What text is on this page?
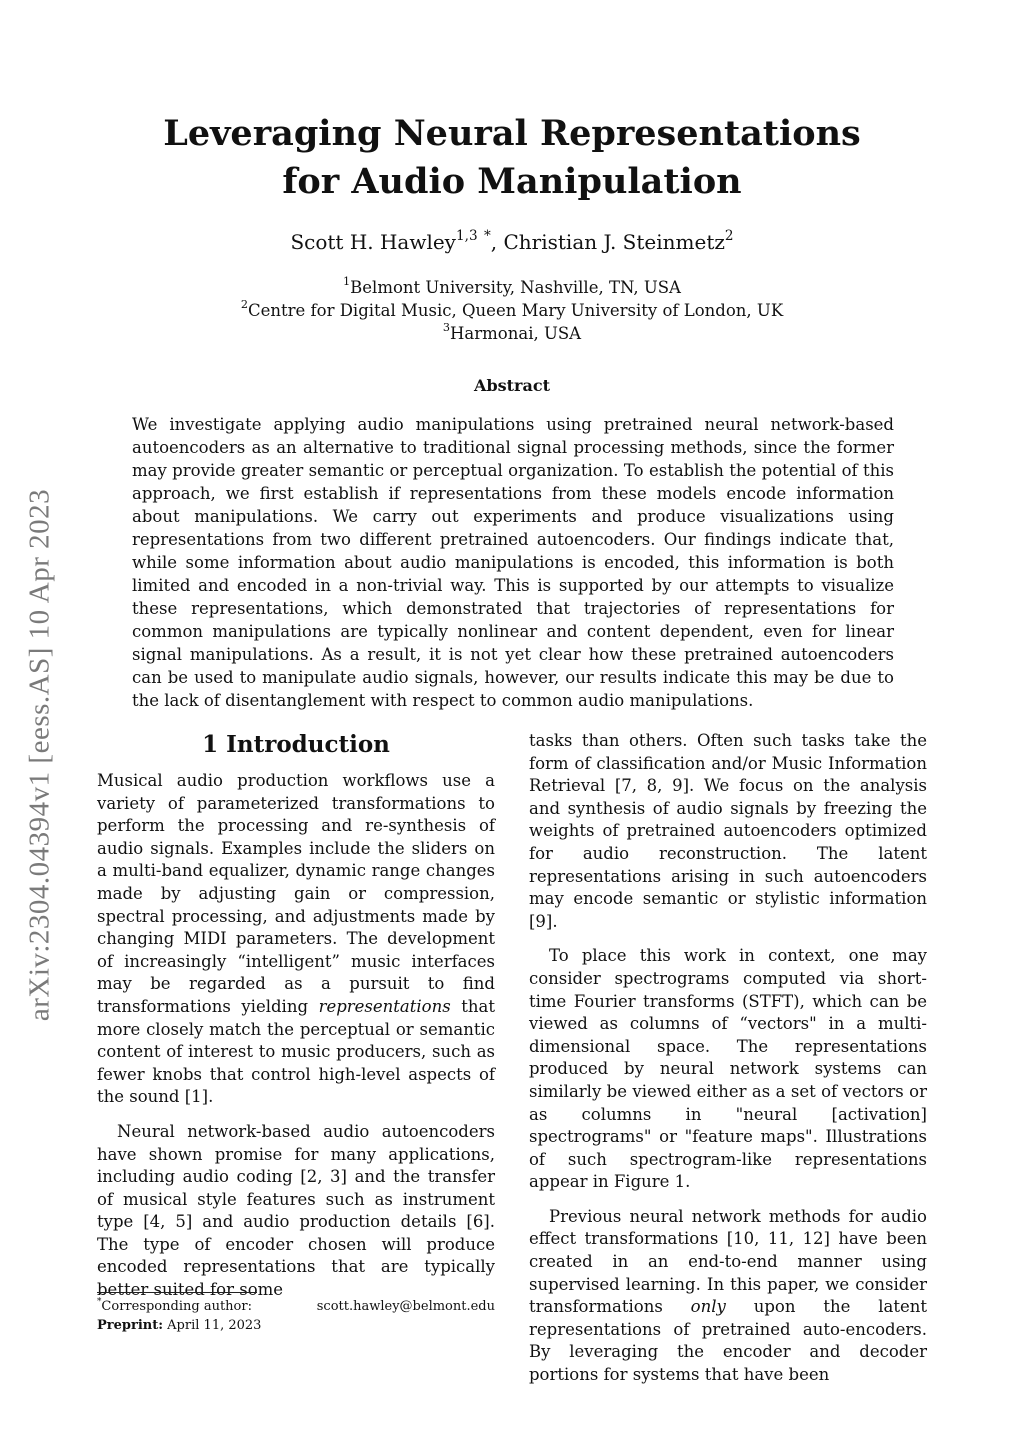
arXiv:2304.04394v1 [eess.AS] 10 Apr 2023
Leveraging Neural Representations
for Audio Manipulation
Scott H. Hawley$^{1,3}$ *, Christian J. Steinmetz$^2$
$^1$Belmont University, Nashville, TN, USA
$^2$Centre for Digital Music, Queen Mary University of London, UK
$^3$Harmonai, USA
Abstract

We investigate applying audio manipulations using pretrained neural network-based autoencoders as an alternative to traditional signal processing methods, since the former may provide greater semantic or perceptual organization. To establish the potential of this approach, we first establish if representations from these models encode information about manipulations. We carry out experiments and produce visualizations using representations from two different pretrained autoencoders. Our findings indicate that, while some information about audio manipulations is encoded, this information is both limited and encoded in a non-trivial way. This is supported by our attempts to visualize these representations, which demonstrated that trajectories of representations for common manipulations are typically nonlinear and content dependent, even for linear signal manipulations. As a result, it is not yet clear how these pretrained autoencoders can be used to manipulate audio signals, however, our results indicate this may be due to the lack of disentanglement with respect to common audio manipulations.

1 Introduction

Musical audio production workflows use a variety of parameterized transformations to perform the processing and re-synthesis of audio signals. Examples include the sliders on a multi-band equalizer, dynamic range changes made by adjusting gain or compression, spectral processing, and adjustments made by changing MIDI parameters. The development of increasingly “intelligent” music interfaces may be regarded as a pursuit to find transformations yielding representations that more closely match the perceptual or semantic content of interest to music producers, such as fewer knobs that control high-level aspects of the sound [1].

Neural network-based audio autoencoders have shown promise for many applications, including audio coding [2, 3] and the transfer of musical style features such as instrument type [4, 5] and audio production details [6]. The type of encoder chosen will produce encoded representations that are typically better suited for some

tasks than others. Often such tasks take the form of classification and/or Music Information Retrieval [7, 8, 9]. We focus on the analysis and synthesis of audio signals by freezing the weights of pretrained autoencoders optimized for audio reconstruction. The latent representations arising in such autoencoders may encode semantic or stylistic information [9].

To place this work in context, one may consider spectrograms computed via short-time Fourier transforms (STFT), which can be viewed as columns of “vectors" in a multi-dimensional space. The representations produced by neural network systems can similarly be viewed either as a set of vectors or as columns in "neural [activation] spectrograms" or "feature maps". Illustrations of such spectrogram-like representations appear in Figure 1.

Previous neural network methods for audio effect transformations [10, 11, 12] have been created in an end-to-end manner using supervised learning. In this paper, we consider transformations only upon the latent representations of pretrained auto-encoders. By leveraging the encoder and decoder portions for systems that have been

*Corresponding author:	scott.hawley@belmont.edu
Preprint: April 11, 2023
